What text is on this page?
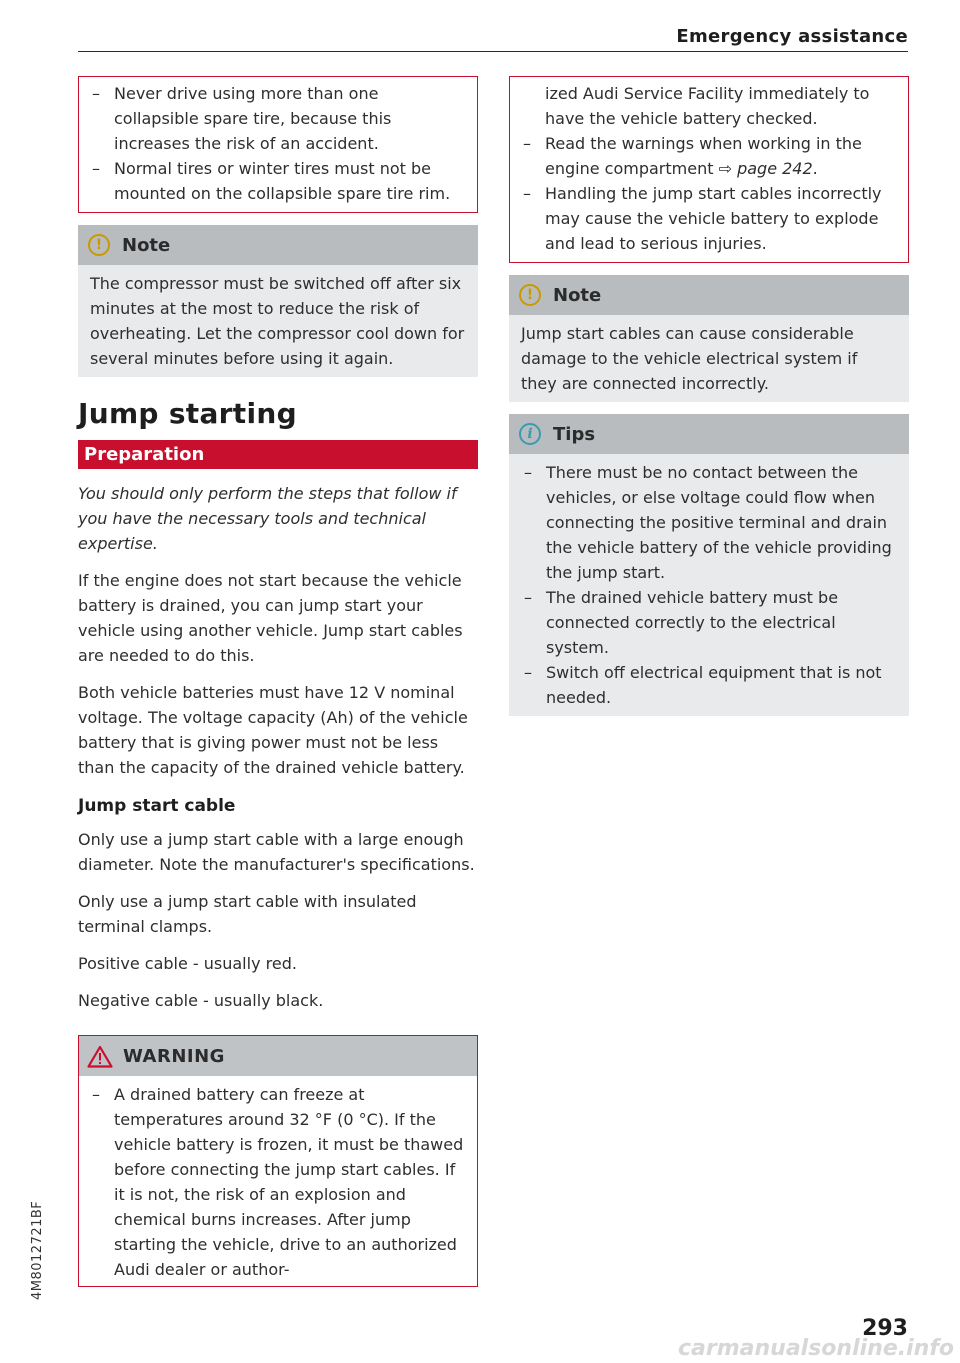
Emergency assistance
– Never drive using more than one collapsible spare tire, because this increases the risk of an accident.
– Normal tires or winter tires must not be mounted on the collapsible spare tire rim.
!	Note
The compressor must be switched off after six minutes at the most to reduce the risk of overheating. Let the compressor cool down for several minutes before using it again.
Jump starting
Preparation
You should only perform the steps that follow if you have the necessary tools and technical expertise.
If the engine does not start because the vehicle battery is drained, you can jump start your vehicle using another vehicle. Jump start cables are needed to do this.
Both vehicle batteries must have 12 V nominal voltage. The voltage capacity (Ah) of the vehicle battery that is giving power must not be less than the capacity of the drained vehicle battery.
Jump start cable
Only use a jump start cable with a large enough diameter. Note the manufacturer's specifications.
Only use a jump start cable with insulated terminal clamps.
Positive cable - usually red.
Negative cable - usually black.
WARNING
– A drained battery can freeze at temperatures around 32 °F (0 °C). If the vehicle battery is frozen, it must be thawed before connecting the jump start cables. If it is not, the risk of an explosion and chemical burns increases. After jump starting the vehicle, drive to an authorized Audi dealer or author-
ized Audi Service Facility immediately to have the vehicle battery checked.
– Read the warnings when working in the engine compartment ⇨ page 242.
– Handling the jump start cables incorrectly may cause the vehicle battery to explode and lead to serious injuries.
!	Note
Jump start cables can cause considerable damage to the vehicle electrical system if they are connected incorrectly.
i	Tips
– There must be no contact between the vehicles, or else voltage could flow when connecting the positive terminal and drain the vehicle battery of the vehicle providing the jump start.
– The drained vehicle battery must be connected correctly to the electrical system.
– Switch off electrical equipment that is not needed.
4M8012721BF
293
carmanualsonline.info
